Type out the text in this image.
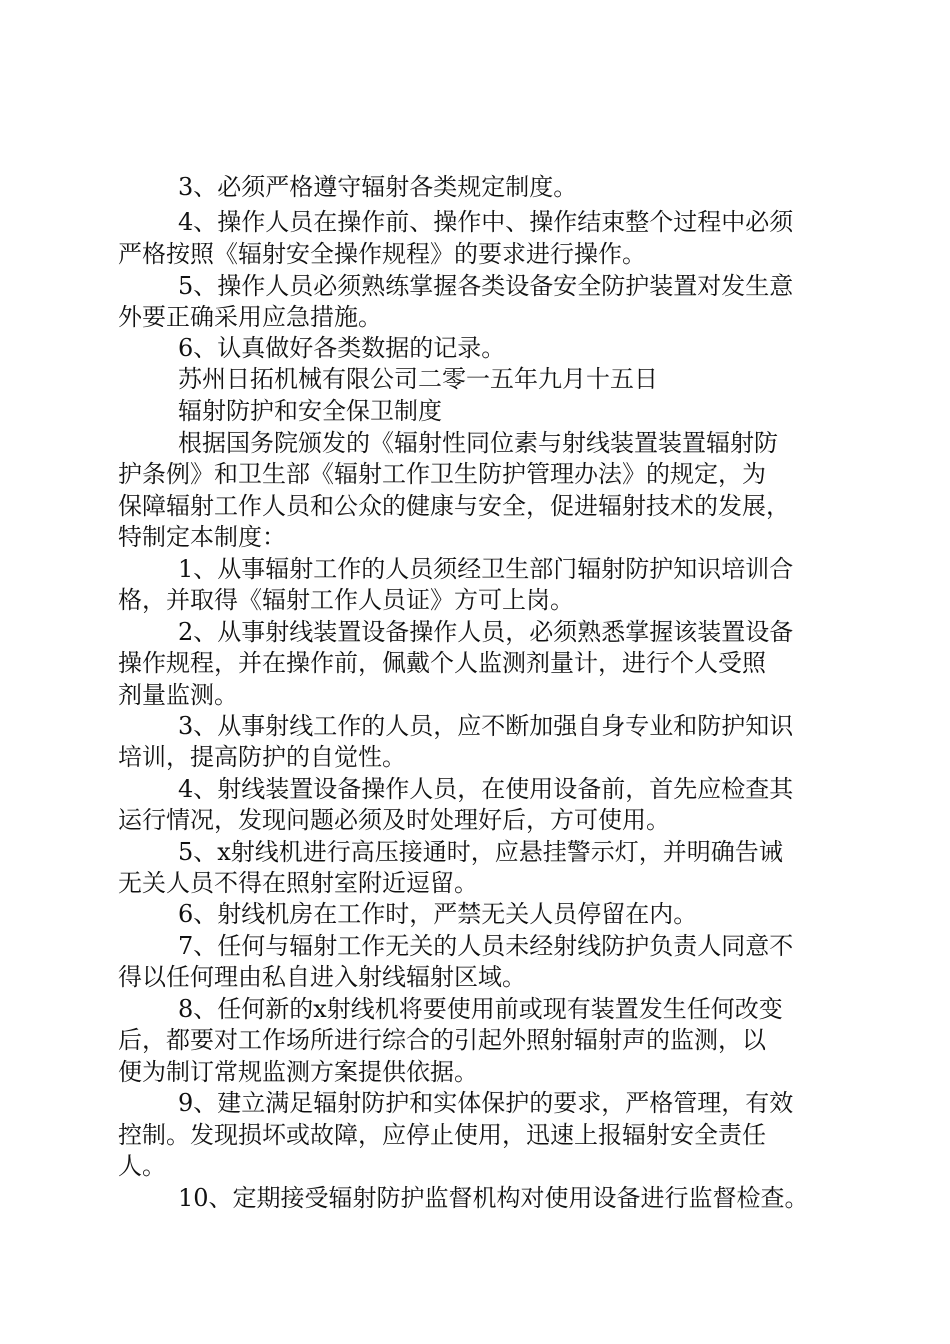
3、必须严格遵守辐射各类规定制度。
4、操作人员在操作前、操作中、操作结束整个过程中必须
严格按照《辐射安全操作规程》的要求进行操作。
5、操作人员必须熟练掌握各类设备安全防护装置对发生意
外要正确采用应急措施。
6、认真做好各类数据的记录。
苏州日拓机械有限公司二零一五年九月十五日
辐射防护和安全保卫制度
根据国务院颁发的《辐射性同位素与射线装置装置辐射防
护条例》和卫生部《辐射工作卫生防护管理办法》的规定，为
保障辐射工作人员和公众的健康与安全，促进辐射技术的发展，
特制定本制度：
1、从事辐射工作的人员须经卫生部门辐射防护知识培训合
格，并取得《辐射工作人员证》方可上岗。
2、从事射线装置设备操作人员，必须熟悉掌握该装置设备
操作规程，并在操作前，佩戴个人监测剂量计，进行个人受照
剂量监测。
3、从事射线工作的人员，应不断加强自身专业和防护知识
培训，提高防护的自觉性。
4、射线装置设备操作人员，在使用设备前，首先应检查其
运行情况，发现问题必须及时处理好后，方可使用。
5、x射线机进行高压接通时，应悬挂警示灯，并明确告诫
无关人员不得在照射室附近逗留。
6、射线机房在工作时，严禁无关人员停留在内。
7、任何与辐射工作无关的人员未经射线防护负责人同意不
得以任何理由私自进入射线辐射区域。
8、任何新的x射线机将要使用前或现有装置发生任何改变
后，都要对工作场所进行综合的引起外照射辐射声的监测，以
便为制订常规监测方案提供依据。
9、建立满足辐射防护和实体保护的要求，严格管理，有效
控制。发现损坏或故障，应停止使用，迅速上报辐射安全责任
人。
10、定期接受辐射防护监督机构对使用设备进行监督检查。
